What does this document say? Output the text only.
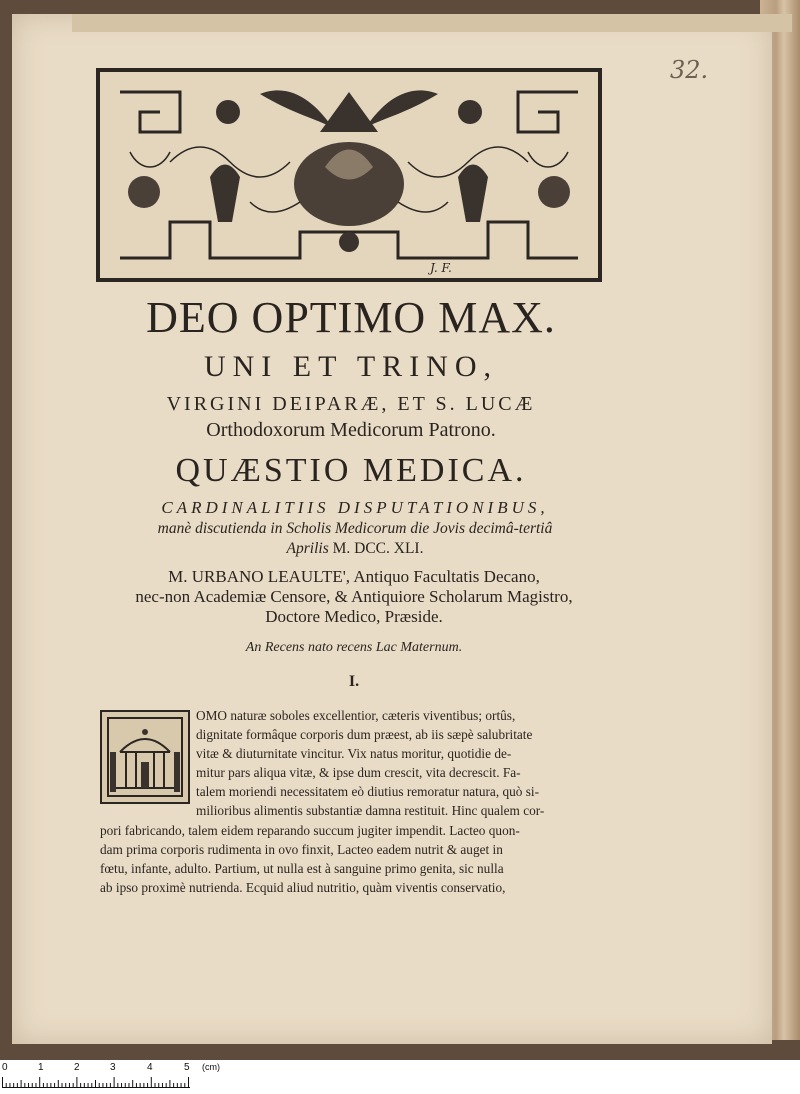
32.
J. F.
DEO OPTIMO MAX.
UNI ET TRINO,
VIRGINI DEIPARÆ, ET S. LUCÆ
Orthodoxorum Medicorum Patrono.
QUÆSTIO MEDICA.
CARDINALITIIS DISPUTATIONIBUS,
manè discutienda in Scholis Medicorum die Jovis decimâ-tertiâ
Aprilis M. DCC. XLI.
M. URBANO LEAULTE', Antiquo Facultatis Decano,
nec-non Academiæ Censore, & Antiquiore Scholarum Magistro,
Doctore Medico, Præside.
An Recens nato recens Lac Maternum.
I.
OMO naturæ soboles excellentior, cæteris viventibus; ortûs,
dignitate formâque corporis dum præest, ab iis sæpè salubritate
vitæ & diuturnitate vincitur. Vix natus moritur, quotidie de-
mitur pars aliqua vitæ, & ipse dum crescit, vita decrescit. Fa-
talem moriendi necessitatem eò diutius remoratur natura, quò si-
milioribus alimentis substantiæ damna restituit. Hinc qualem cor-
pori fabricando, talem eidem reparando succum jugiter impendit. Lacteo quon-
dam prima corporis rudimenta in ovo finxit, Lacteo eadem nutrit & auget in
fœtu, infante, adulto. Partium, ut nulla est à sanguine primo genita, sic nulla
ab ipso proximè nutrienda. Ecquid aliud nutritio, quàm viventis conservatio,
0	1	2	3	4	5 (cm)
